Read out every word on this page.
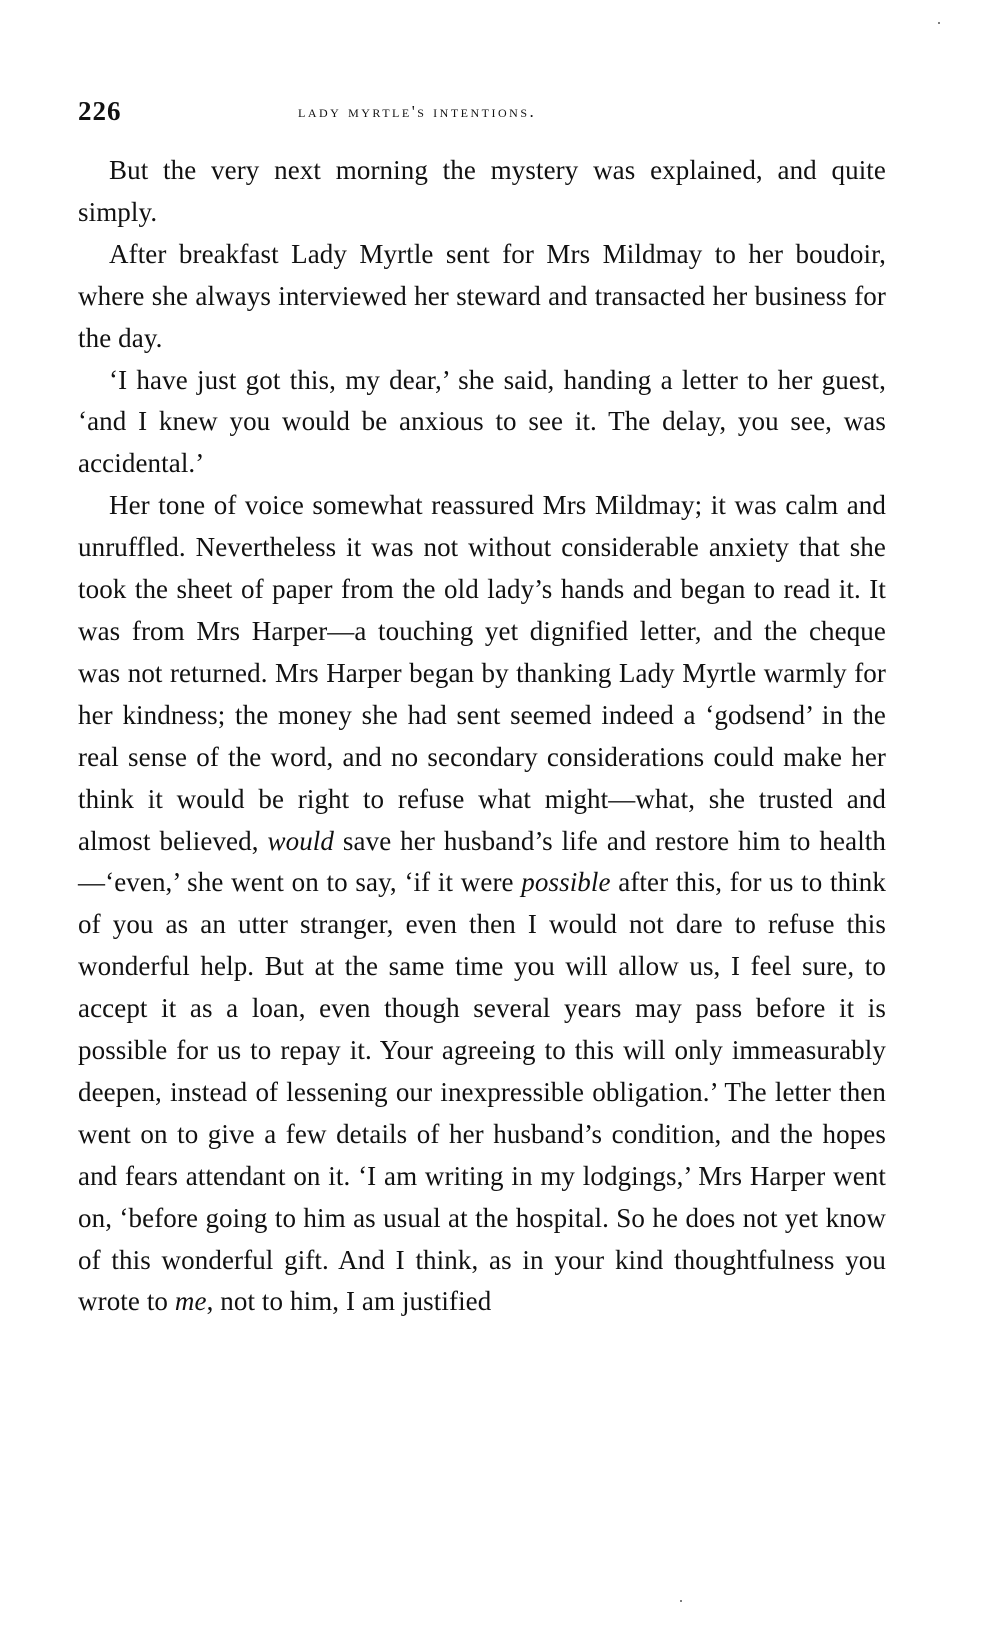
226	lady myrtle's intentions.

But the very next morning the mystery was explained, and quite simply.

After breakfast Lady Myrtle sent for Mrs Mildmay to her boudoir, where she always interviewed her steward and transacted her business for the day.

‘I have just got this, my dear,’ she said, handing a letter to her guest, ‘and I knew you would be anxious to see it. The delay, you see, was accidental.’

Her tone of voice somewhat reassured Mrs Mildmay; it was calm and unruffled. Nevertheless it was not without considerable anxiety that she took the sheet of paper from the old lady’s hands and began to read it. It was from Mrs Harper—a touching yet dignified letter, and the cheque was not returned. Mrs Harper began by thanking Lady Myrtle warmly for her kindness; the money she had sent seemed indeed a ‘godsend’ in the real sense of the word, and no secondary considerations could make her think it would be right to refuse what might—what, she trusted and almost believed, would save her husband’s life and restore him to health—‘even,’ she went on to say, ‘if it were possible after this, for us to think of you as an utter stranger, even then I would not dare to refuse this wonderful help. But at the same time you will allow us, I feel sure, to accept it as a loan, even though several years may pass before it is possible for us to repay it. Your agreeing to this will only immeasurably deepen, instead of lessening our inexpressible obligation.’ The letter then went on to give a few details of her husband’s condition, and the hopes and fears attendant on it. ‘I am writing in my lodgings,’ Mrs Harper went on, ‘before going to him as usual at the hospital. So he does not yet know of this wonderful gift. And I think, as in your kind thoughtfulness you wrote to me, not to him, I am justified
